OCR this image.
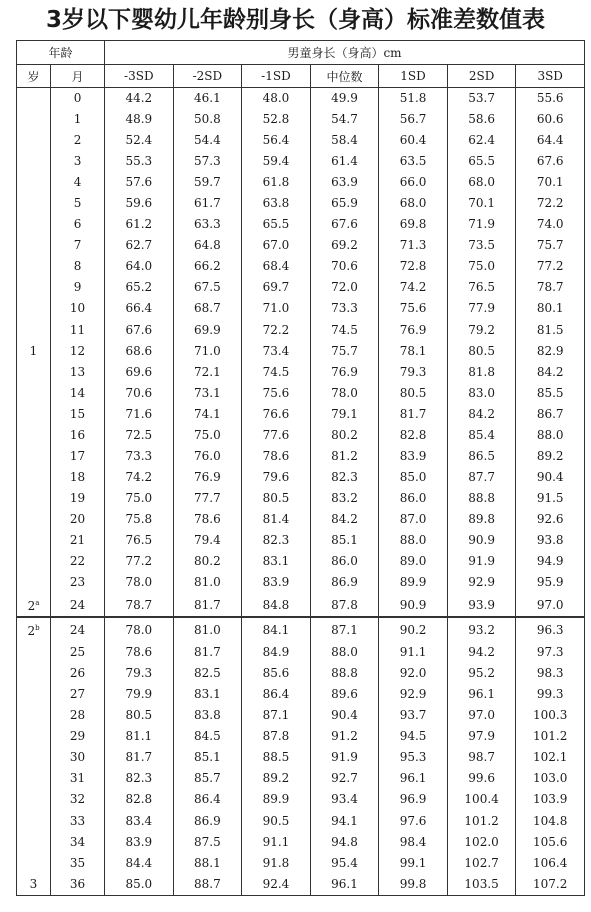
3岁以下婴幼儿年龄别身长（身高）标准差数值表
年龄		男童身长（身高）cm						
岁	月	-3SD	-2SD	-1SD	中位数	1SD	2SD	3SD
	0	44.2	46.1	48.0	49.9	51.8	53.7	55.6
	1	48.9	50.8	52.8	54.7	56.7	58.6	60.6
	2	52.4	54.4	56.4	58.4	60.4	62.4	64.4
	3	55.3	57.3	59.4	61.4	63.5	65.5	67.6
	4	57.6	59.7	61.8	63.9	66.0	68.0	70.1
	5	59.6	61.7	63.8	65.9	68.0	70.1	72.2
	6	61.2	63.3	65.5	67.6	69.8	71.9	74.0
	7	62.7	64.8	67.0	69.2	71.3	73.5	75.7
	8	64.0	66.2	68.4	70.6	72.8	75.0	77.2
	9	65.2	67.5	69.7	72.0	74.2	76.5	78.7
	10	66.4	68.7	71.0	73.3	75.6	77.9	80.1
	11	67.6	69.9	72.2	74.5	76.9	79.2	81.5
1	12	68.6	71.0	73.4	75.7	78.1	80.5	82.9
	13	69.6	72.1	74.5	76.9	79.3	81.8	84.2
	14	70.6	73.1	75.6	78.0	80.5	83.0	85.5
	15	71.6	74.1	76.6	79.1	81.7	84.2	86.7
	16	72.5	75.0	77.6	80.2	82.8	85.4	88.0
	17	73.3	76.0	78.6	81.2	83.9	86.5	89.2
	18	74.2	76.9	79.6	82.3	85.0	87.7	90.4
	19	75.0	77.7	80.5	83.2	86.0	88.8	91.5
	20	75.8	78.6	81.4	84.2	87.0	89.8	92.6
	21	76.5	79.4	82.3	85.1	88.0	90.9	93.8
	22	77.2	80.2	83.1	86.0	89.0	91.9	94.9
	23	78.0	81.0	83.9	86.9	89.9	92.9	95.9
2$^a$	24	78.7	81.7	84.8	87.8	90.9	93.9	97.0
2$^b$	24	78.0	81.0	84.1	87.1	90.2	93.2	96.3
	25	78.6	81.7	84.9	88.0	91.1	94.2	97.3
	26	79.3	82.5	85.6	88.8	92.0	95.2	98.3
	27	79.9	83.1	86.4	89.6	92.9	96.1	99.3
	28	80.5	83.8	87.1	90.4	93.7	97.0	100.3
	29	81.1	84.5	87.8	91.2	94.5	97.9	101.2
	30	81.7	85.1	88.5	91.9	95.3	98.7	102.1
	31	82.3	85.7	89.2	92.7	96.1	99.6	103.0
	32	82.8	86.4	89.9	93.4	96.9	100.4	103.9
	33	83.4	86.9	90.5	94.1	97.6	101.2	104.8
	34	83.9	87.5	91.1	94.8	98.4	102.0	105.6
	35	84.4	88.1	91.8	95.4	99.1	102.7	106.4
3	36	85.0	88.7	92.4	96.1	99.8	103.5	107.2
